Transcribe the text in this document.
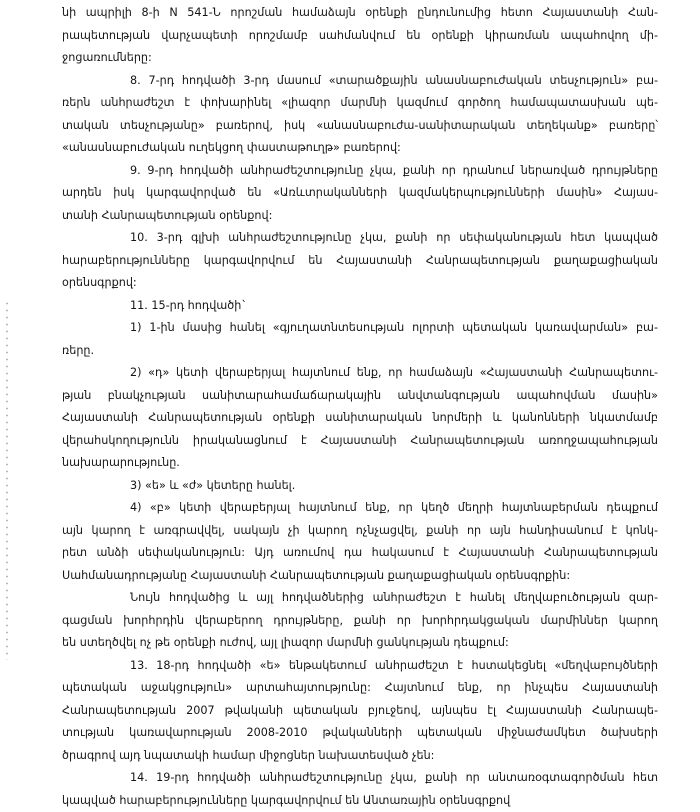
նի ապրիլի 8-ի N 541-Ն որոշման համաձայն օրենքի ընդունումից հետո Հայաստանի Հան-
րապետության վարչապետի որոշմամբ սահմանվում են օրենքի կիրառման ապահովող մի-
ջոցառումները:
8. 7-րդ հոդվածի 3-րդ մասում «տարածքային անասնաբուժական տեսչություն» բա-
ռերն անհրաժեշտ է փոխարինել «լիազոր մարմնի կազմում գործող համապատասխան պե-
տական տեսչությանը» բառերով, իսկ «անասնաբուժա-սանիտարական տեղեկանք» բառերը՝
«անասնաբուժական ուղեկցող փաստաթուղթ» բառերով:
9. 9-րդ հոդվածի անհրաժեշտությունը չկա, քանի որ դրանում ներառված դրույթները
արդեն իսկ կարգավորված են «Առևտրականների կազմակերպությունների մասին» Հայաս-
տանի Հանրապետության օրենքով:
10. 3-րդ գլխի անհրաժեշտությունը չկա, քանի որ սեփականության հետ կապված
հարաբերությունները կարգավորվում են Հայաստանի Հանրապետության քաղաքացիական
օրենսգրքով:
11. 15-րդ հոդվածի`
1) 1-ին մասից հանել «գյուղատնտեսության ոլորտի պետական կառավարման» բա-
ռերը.
2) «դ» կետի վերաբերյալ հայտնում ենք, որ համաձայն «Հայաստանի Հանրապետու-
թյան բնակչության սանիտարահամաճարակային անվտանգության ապահովման մասին»
Հայաստանի Հանրապետության օրենքի սանիտարական նորմերի և կանոնների նկատմամբ
վերահսկողությունն իրականացնում է Հայաստանի Հանրապետության առողջապահության
նախարարությունը.
3) «ե» և «ժ» կետերը հանել.
4) «բ» կետի վերաբերյալ հայտնում ենք, որ կեղծ մեղրի հայտնաբերման դեպքում
այն կարող է առգրավվել, սակայն չի կարող ոչնչացվել, քանի որ այն հանդիսանում է կոնկ-
րետ անձի սեփականություն: Այդ առումով դա հակասում է Հայաստանի Հանրապետության
Սահմանադրությանը Հայաստանի Հանրապետության քաղաքացիական օրենսգրքին:
Նույն հոդվածից և այլ հոդվածներից անհրաժեշտ է հանել մեղվաբուծության զար-
գացման խորհրդին վերաբերող դրույթները, քանի որ խորհրդակցական մարմիններ կարող
են ստեղծվել ոչ թե օրենքի ուժով, այլ լիազոր մարմնի ցանկության դեպքում:
13. 18-րդ հոդվածի «ե» ենթակետում անհրաժեշտ է հստակեցնել «մեղվաբույծների
պետական աջակցություն» արտահայտությունը: Հայտնում ենք, որ ինչպես Հայաստանի
Հանրապետության 2007 թվականի պետական բյուջեով, այնպես էլ Հայաստանի Հանրապե-
տության կառավարության 2008-2010 թվականների պետական միջնաժամկետ ծախսերի
ծրագրով այդ նպատակի համար միջոցներ նախատեսված չեն:
14. 19-րդ հոդվածի անհրաժեշտությունը չկա, քանի որ անտառօգտագործման հետ
կապված հարաբերությունները կարգավորվում են Անտառային օրենսգրքով
